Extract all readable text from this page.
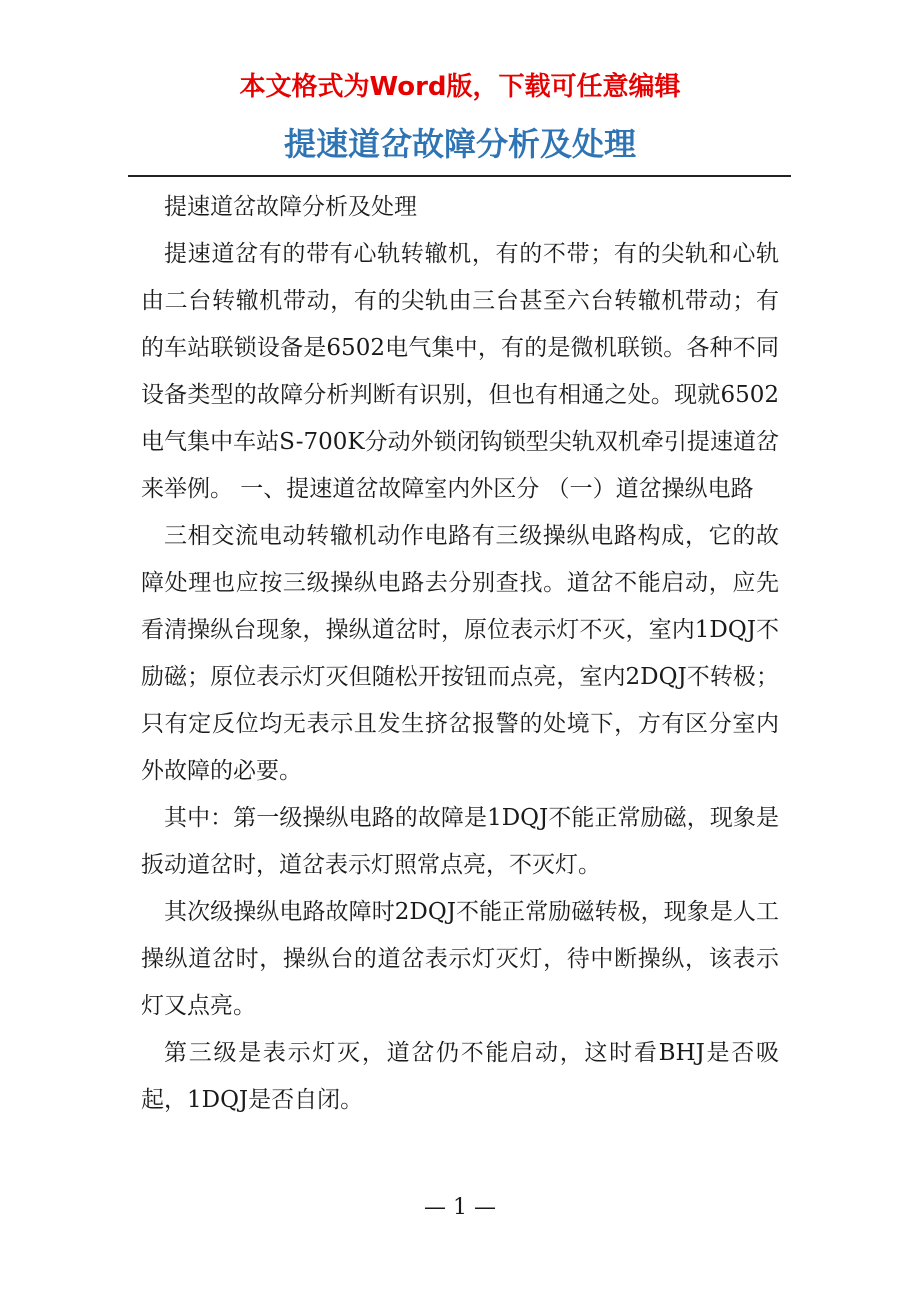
本文格式为Word版，下载可任意编辑
提速道岔故障分析及处理

提速道岔故障分析及处理

提速道岔有的带有心轨转辙机，有的不带；有的尖轨和心轨由二台转辙机带动，有的尖轨由三台甚至六台转辙机带动；有的车站联锁设备是6502电气集中，有的是微机联锁。各种不同设备类型的故障分析判断有识别，但也有相通之处。现就6502电气集中车站S-700K分动外锁闭钩锁型尖轨双机牵引提速道岔来举例。 一、提速道岔故障室内外区分 （一）道岔操纵电路

三相交流电动转辙机动作电路有三级操纵电路构成，它的故障处理也应按三级操纵电路去分别查找。道岔不能启动，应先看清操纵台现象，操纵道岔时，原位表示灯不灭，室内1DQJ不励磁；原位表示灯灭但随松开按钮而点亮，室内2DQJ不转极；只有定反位均无表示且发生挤岔报警的处境下，方有区分室内外故障的必要。

其中：第一级操纵电路的故障是1DQJ不能正常励磁，现象是扳动道岔时，道岔表示灯照常点亮，不灭灯。

其次级操纵电路故障时2DQJ不能正常励磁转极，现象是人工操纵道岔时，操纵台的道岔表示灯灭灯，待中断操纵，该表示灯又点亮。

第三级是表示灯灭，道岔仍不能启动，这时看BHJ是否吸起，1DQJ是否自闭。

— 1 —
